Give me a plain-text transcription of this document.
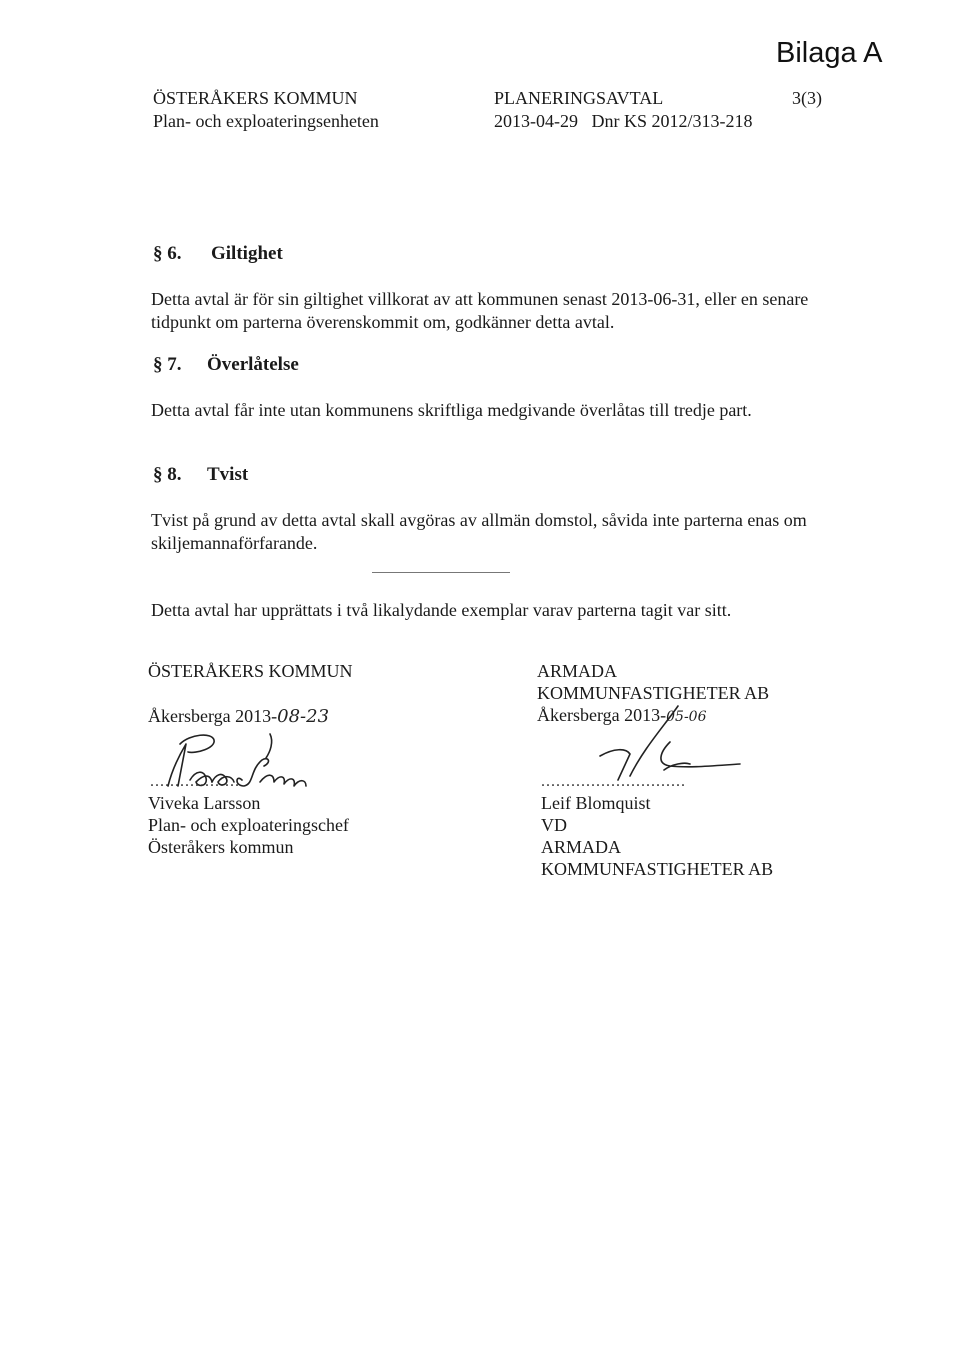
Bilaga A
ÖSTERÅKERS KOMMUN
Plan- och exploateringsenheten
PLANERINGSAVTAL
2013-04-29   Dnr KS 2012/313-218
3(3)
§ 6. Giltighet
Detta avtal är för sin giltighet villkorat av att kommunen senast 2013-06-31, eller en senare tidpunkt om parterna överenskommit om, godkänner detta avtal.
§ 7. Överlåtelse
Detta avtal får inte utan kommunens skriftliga medgivande överlåtas till tredje part.
§ 8. Tvist
Tvist på grund av detta avtal skall avgöras av allmän domstol, såvida inte parterna enas om skiljemannaförfarande.
Detta avtal har upprättats i två likalydande exemplar varav parterna tagit var sitt.
ÖSTERÅKERS KOMMUN
Åkersberga 2013-08-23
..................
Viveka Larsson
Plan- och exploateringschef
Österåkers kommun
ARMADA
KOMMUNFASTIGHETER AB
Åkersberga 2013-05-06
.............................
Leif Blomquist
VD
ARMADA
KOMMUNFASTIGHETER AB
